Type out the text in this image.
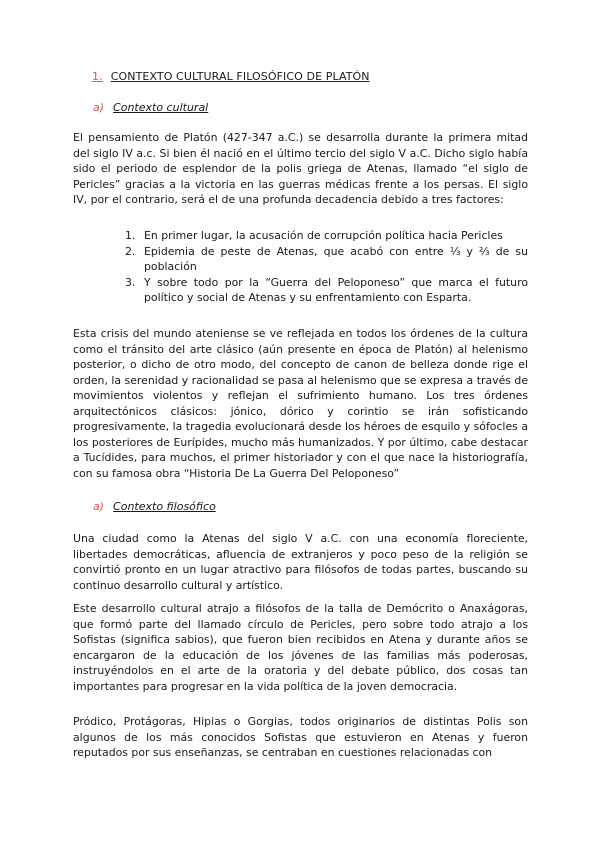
1. CONTEXTO CULTURAL FILOSÓFICO DE PLATÓN
a) Contexto cultural

El pensamiento de Platón (427-347 a.C.) se desarrolla durante la primera mitad del siglo IV a.c. Si bien él nació en el último tercio del siglo V a.C. Dicho siglo había sido el periodo de esplendor de la polis griega de Atenas, llamado “el siglo de Pericles” gracias a la victoria en las guerras médicas frente a los persas. El siglo IV, por el contrario, será el de una profunda decadencia debido a tres factores:

1. En primer lugar, la acusación de corrupción política hacia Pericles
2. Epidemia de peste de Atenas, que acabó con entre ⅓ y ⅔ de su población
3. Y sobre todo por la “Guerra del Peloponeso” que marca el futuro político y social de Atenas y su enfrentamiento con Esparta.

Esta crisis del mundo ateniense se ve reflejada en todos los órdenes de la cultura como el tránsito del arte clásico (aún presente en época de Platón) al helenismo posterior, o dicho de otro modo, del concepto de canon de belleza donde rige el orden, la serenidad y racionalidad se pasa al helenismo que se expresa a través de movimientos violentos y reflejan el sufrimiento humano. Los tres órdenes arquitectónicos clásicos: jónico, dórico y corintio se irán sofisticando progresivamente, la tragedia evolucionará desde los héroes de esquilo y sófocles a los posteriores de Eurípides, mucho más humanizados. Y por último, cabe destacar a Tucídides, para muchos, el primer historiador y con el que nace la historiografía, con su famosa obra “Historia De La Guerra Del Peloponeso”

a) Contexto filosófico

Una ciudad como la Atenas del siglo V a.C. con una economía floreciente, libertades democráticas, afluencia de extranjeros y poco peso de la religión se convirtió pronto en un lugar atractivo para filósofos de todas partes, buscando su continuo desarrollo cultural y artístico.

Este desarrollo cultural atrajo a filósofos de la talla de Demócrito o Anaxágoras, que formó parte del llamado círculo de Pericles, pero sobre todo atrajo a los Sofistas (significa sabios), que fueron bien recibidos en Atena y durante años se encargaron de la educación de los jóvenes de las familias más poderosas, instruyéndolos en el arte de la oratoria y del debate público, dos cosas tan importantes para progresar en la vida política de la joven democracia.

Pródico, Protágoras, Hipias o Gorgias, todos originarios de distintas Polis son algunos de los más conocidos Sofistas que estuvieron en Atenas y fueron reputados por sus enseñanzas, se centraban en cuestiones relacionadas con
